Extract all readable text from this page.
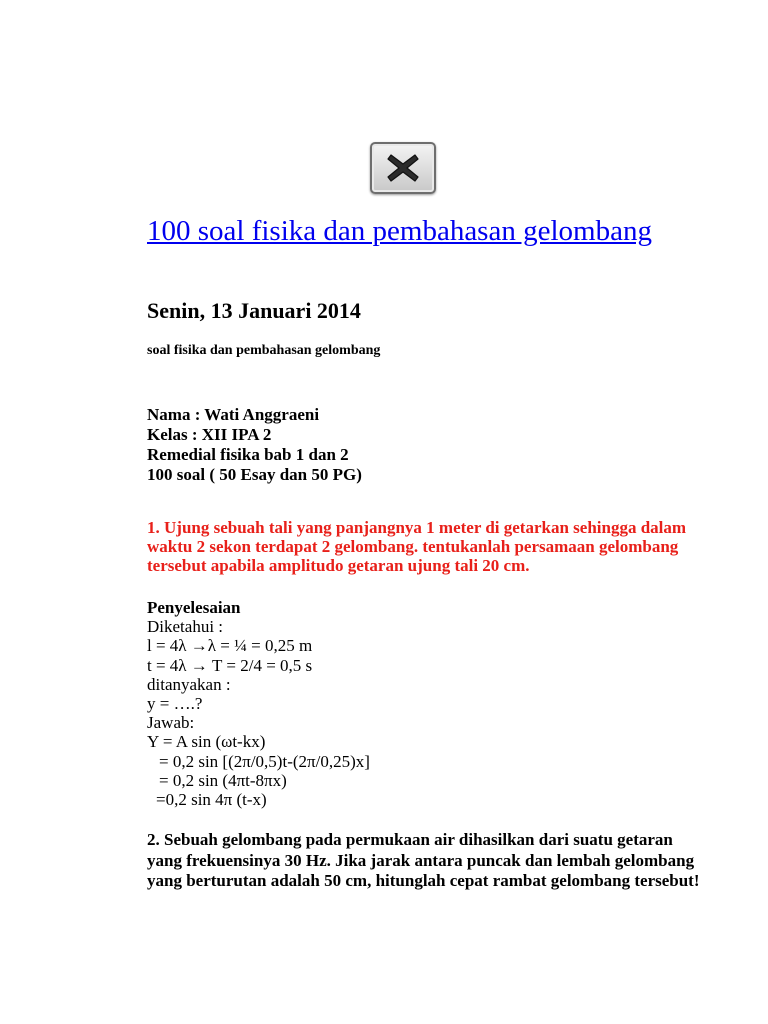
100 soal fisika dan pembahasan gelombang
Senin, 13 Januari 2014

soal fisika dan pembahasan gelombang

Nama : Wati Anggraeni
Kelas : XII IPA 2
Remedial fisika bab 1 dan 2
100 soal ( 50 Esay dan 50 PG)

1. Ujung sebuah tali yang panjangnya 1 meter di getarkan sehingga dalam waktu 2 sekon terdapat 2 gelombang. tentukanlah persamaan gelombang tersebut apabila amplitudo getaran ujung tali 20 cm.

Penyelesaian
Diketahui :
l = 4λ →λ = ¼ = 0,25 m
t = 4λ → T = 2/4 = 0,5 s
ditanyakan :
y = ….?
Jawab:
Y = A sin (ωt-kx)
= 0,2 sin [(2π/0,5)t-(2π/0,25)x]
= 0,2 sin (4πt-8πx)
=0,2 sin 4π (t-x)

2. Sebuah gelombang pada permukaan air dihasilkan dari suatu getaran yang frekuensinya 30 Hz. Jika jarak antara puncak dan lembah gelombang yang berturutan adalah 50 cm, hitunglah cepat rambat gelombang tersebut!
